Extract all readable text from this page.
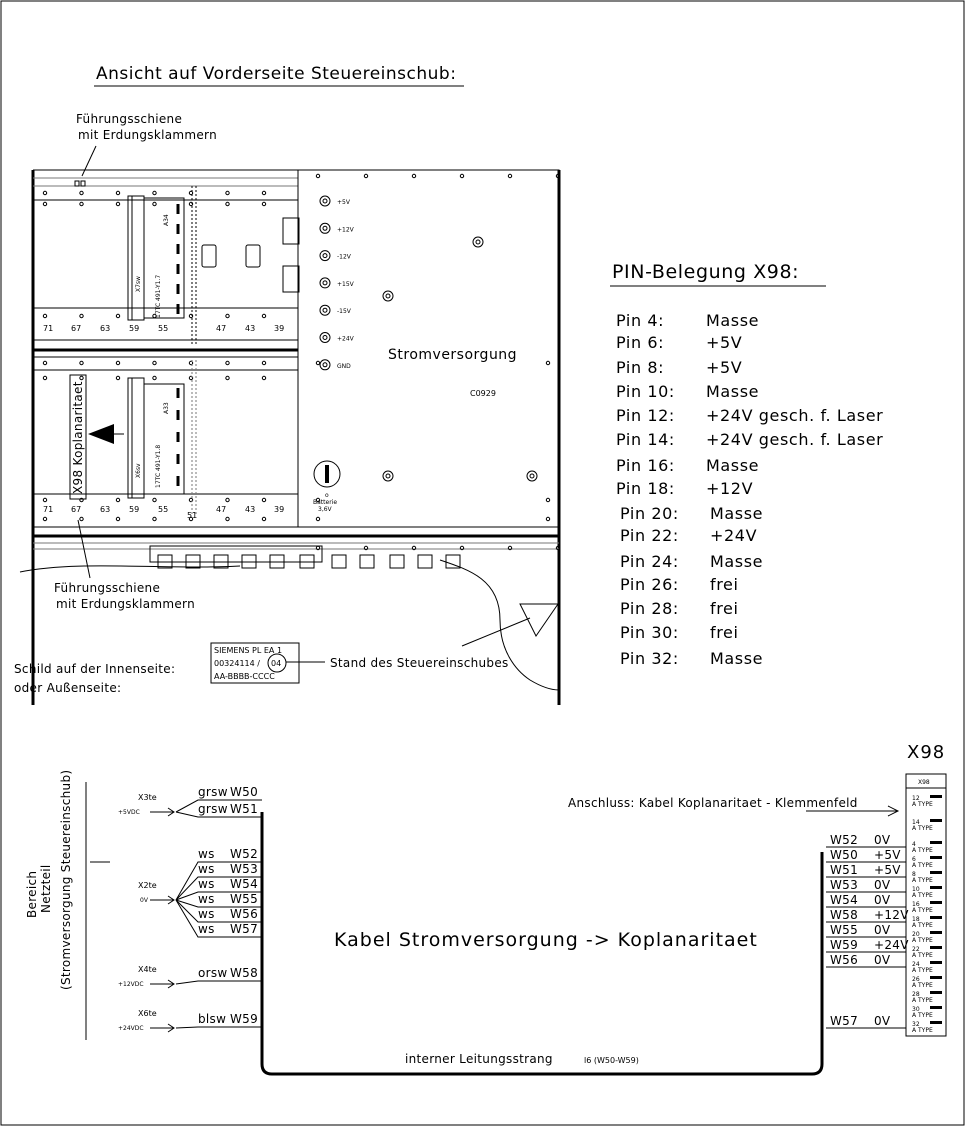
Ansicht auf Vorderseite Steuereinschub:
Führungsschiene
mit Erdungsklammern
X7sw 17TC 491-Y1.7
A34
X98 Koplanaritaet	X6sv 17TC 491-Y1.8
A33
71 67 63 59 55	47 43 39
71 67 63 59 55
51
47 43 39
+5V
+12V
-12V
+15V
-15V
+24V
GND
Stromversorgung
C0929
o
Batterie
3,6V
Führungsschiene
mit Erdungsklammern
Schild auf der Innenseite:
oder Außenseite:
SIEMENS PL EA 1
00324114 / 04
AA-BBBB-CCCC
Stand des Steuereinschubes
PIN-Belegung X98:
Pin 4:	Masse
Pin 6:	+5V
Pin 8:	+5V
Pin 10: Masse
Pin 12: +24V gesch. f. Laser
Pin 14: +24V gesch. f. Laser
Pin 16: Masse
Pin 18: +12V
Pin 20: Masse
Pin 22: +24V
Pin 24: Masse
Pin 26: frei
Pin 28: frei
Pin 30: frei
Pin 32: Masse
X98
Bereich Netzteil (Stromversorgung Steuereinschub)	Kabel Stromversorgung -> Koplanaritaet
interner Leitungsstrang	l6 (W50-W59)
X3te
+5VDC
X2te
0V
X4te
+12VDC
X6te
+24VDC
grsw W50
grsw W51
ws W52
ws W53
ws W54
ws W55
ws W56
ws W57
orsw W58
blsw W59
W52 0V
W50 +5V
W51 +5V
W53 0V
W54 0V
W58 +12V
W55 0V
W59 +24V
W56 0V
W57 0V
Anschluss: Kabel Koplanaritaet - Klemmenfeld
X98
12
A TYPE
14
A TYPE
4
A TYPE
6
A TYPE
8
A TYPE
10
A TYPE
16
A TYPE
18
A TYPE
20
A TYPE
22
A TYPE
24
A TYPE
26
A TYPE
28
A TYPE
30
A TYPE
32
A TYPE
